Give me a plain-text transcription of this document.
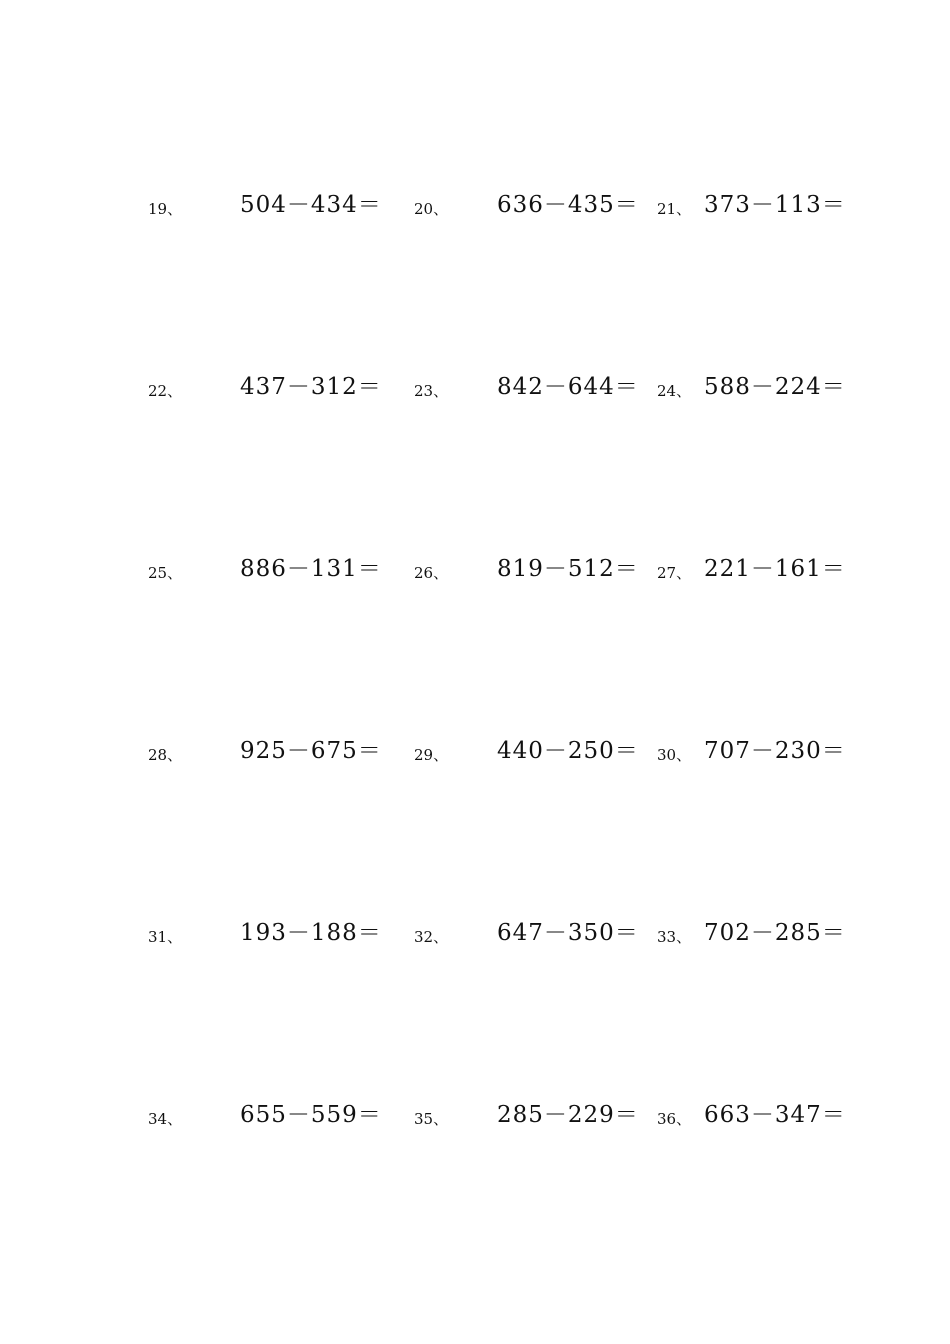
19、	504－434＝ 20、 636－435＝ 21、 373－113＝
22、	437－312＝ 23、 842－644＝ 24、 588－224＝
25、	886－131＝ 26、 819－512＝ 27、 221－161＝
28、	925－675＝ 29、 440－250＝ 30、 707－230＝
31、	193－188＝ 32、 647－350＝ 33、 702－285＝
34、	655－559＝ 35、 285－229＝ 36、 663－347＝
